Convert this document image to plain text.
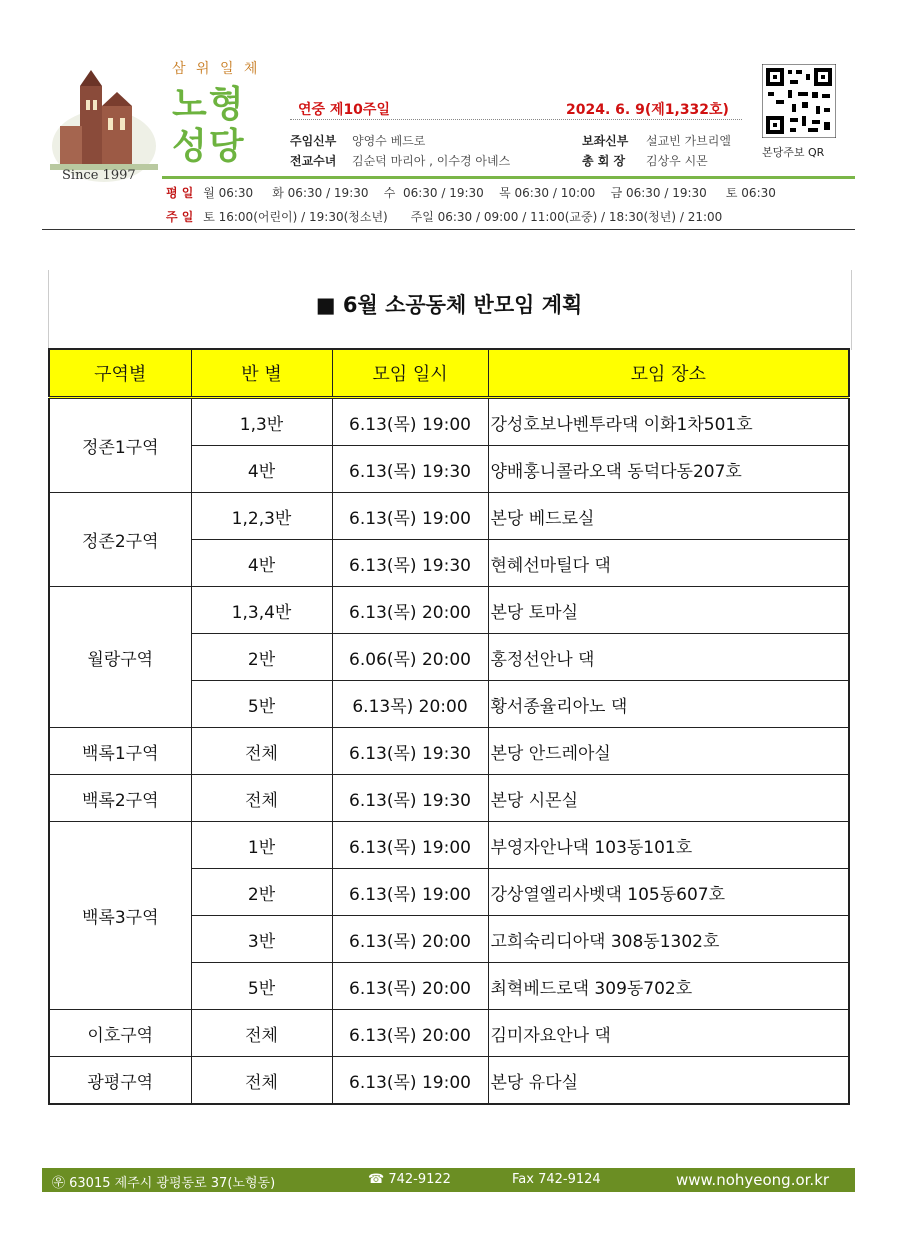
Since 1997
삼 위 일 체
노형
성당
연중 제10주일	2024. 6. 9(제1,332호)
주임신부 양영수 베드로	보좌신부 설교빈 가브리엘
전교수녀 김순덕 마리아 , 이수경 아녜스	총 회 장 김상우 시몬
본당주보 QR
평 일 월 06:30     화 06:30 / 19:30    수  06:30 / 19:30    목 06:30 / 10:00    금 06:30 / 19:30     토 06:30
주 일 토 16:00(어린이) / 19:30(청소년)      주일 06:30 / 09:00 / 11:00(교중) / 18:30(청년) / 21:00
■ 6월 소공동체 반모임 계획
구역별	반 별	모임 일시	모임 장소
정존1구역	1,3반	6.13(목) 19:00	강성호보나벤투라댁 이화1차501호
	4반	6.13(목) 19:30	양배홍니콜라오댁 동덕다동207호
정존2구역	1,2,3반	6.13(목) 19:00	본당 베드로실
	4반	6.13(목) 19:30	현혜선마틸다 댁
월랑구역	1,3,4반	6.13(목) 20:00	본당 토마실
	2반	6.06(목) 20:00	홍정선안나 댁
	5반	6.13목) 20:00	황서종율리아노 댁
백록1구역	전체	6.13(목) 19:30	본당 안드레아실
백록2구역	전체	6.13(목) 19:30	본당 시몬실
백록3구역	1반	6.13(목) 19:00	부영자안나댁 103동101호
	2반	6.13(목) 19:00	강상열엘리사벳댁 105동607호
	3반	6.13(목) 20:00	고희숙리디아댁 308동1302호
	5반	6.13(목) 20:00	최혁베드로댁 309동702호
이호구역	전체	6.13(목) 20:00	김미자요안나 댁
광평구역	전체	6.13(목) 19:00	본당 유다실
㉾ 63015 제주시 광평동로 37(노형동)	☎ 742-9122	Fax 742-9124	www.nohyeong.or.kr
